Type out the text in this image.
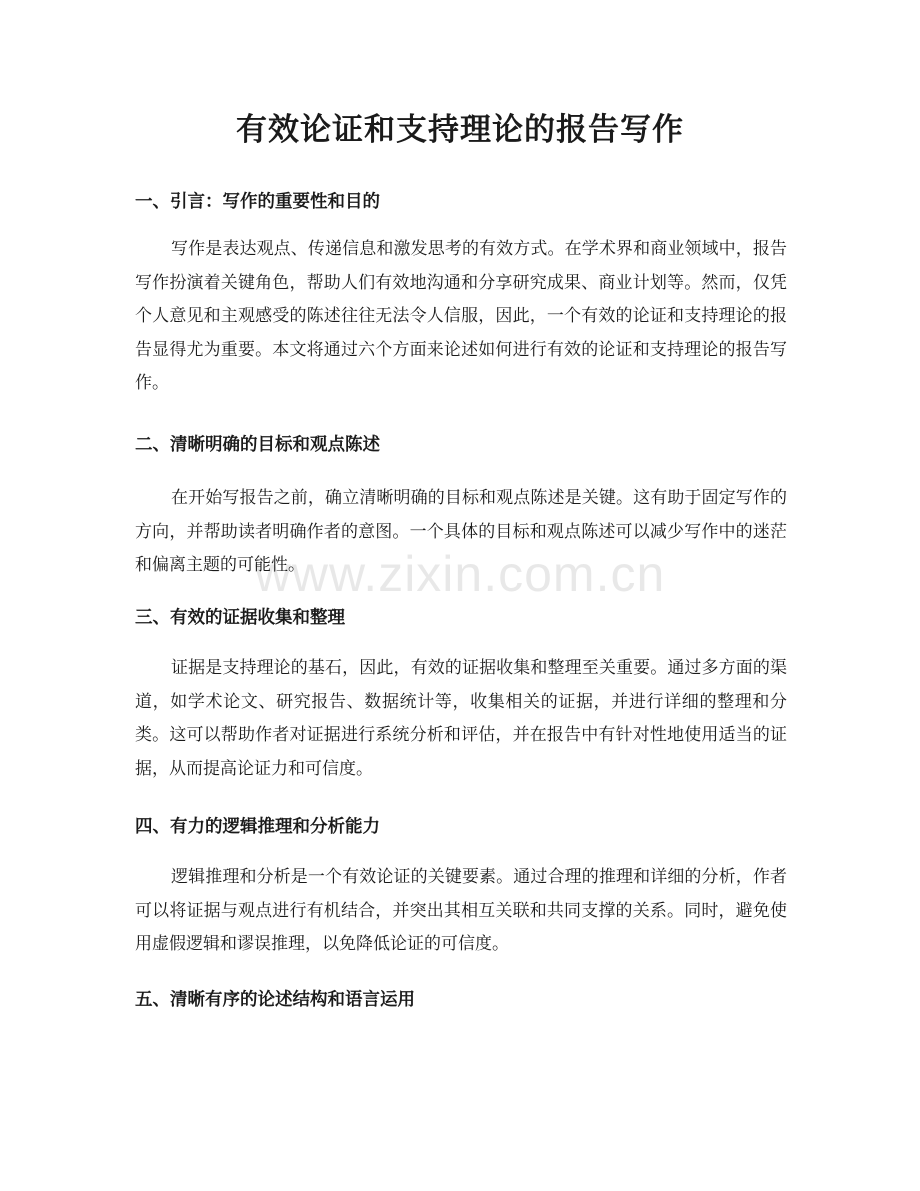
有效论证和支持理论的报告写作
一、引言：写作的重要性和目的

写作是表达观点、传递信息和激发思考的有效方式。在学术界和商业领域中，报告写作扮演着关键角色，帮助人们有效地沟通和分享研究成果、商业计划等。然而，仅凭个人意见和主观感受的陈述往往无法令人信服，因此，一个有效的论证和支持理论的报告显得尤为重要。本文将通过六个方面来论述如何进行有效的论证和支持理论的报告写作。

二、清晰明确的目标和观点陈述

在开始写报告之前，确立清晰明确的目标和观点陈述是关键。这有助于固定写作的方向，并帮助读者明确作者的意图。一个具体的目标和观点陈述可以减少写作中的迷茫和偏离主题的可能性。

三、有效的证据收集和整理

证据是支持理论的基石，因此，有效的证据收集和整理至关重要。通过多方面的渠道，如学术论文、研究报告、数据统计等，收集相关的证据，并进行详细的整理和分类。这可以帮助作者对证据进行系统分析和评估，并在报告中有针对性地使用适当的证据，从而提高论证力和可信度。

四、有力的逻辑推理和分析能力

逻辑推理和分析是一个有效论证的关键要素。通过合理的推理和详细的分析，作者可以将证据与观点进行有机结合，并突出其相互关联和共同支撑的关系。同时，避免使用虚假逻辑和谬误推理，以免降低论证的可信度。

五、清晰有序的论述结构和语言运用
www.zixin.com.cn
